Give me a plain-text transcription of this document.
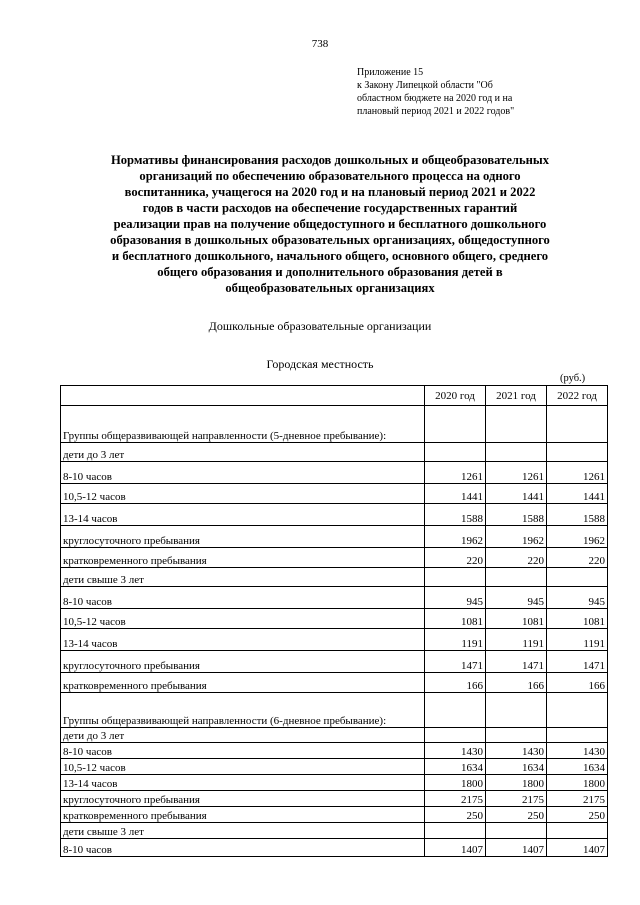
738
Приложение 15
к Закону Липецкой области "Об
областном бюджете на 2020 год и на
плановый период 2021 и 2022 годов"
Нормативы финансирования расходов дошкольных и общеобразовательных
организаций по обеспечению образовательного процесса на одного
воспитанника, учащегося на 2020 год и на плановый период 2021 и 2022
годов в части расходов на обеспечение государственных гарантий
реализации прав на получение общедоступного и бесплатного дошкольного
образования в дошкольных образовательных организациях, общедоступного
и бесплатного дошкольного, начального общего, основного общего, среднего
общего образования и дополнительного образования детей в
общеобразовательных организациях
Дошкольные образовательные организации
Городская местность
(руб.)
	2020 год	2021 год	2022 год
Группы общеразвивающей направленности (5-дневное пребывание):			
дети до 3 лет			
8-10 часов	1261	1261	1261
10,5-12 часов	1441	1441	1441
13-14 часов	1588	1588	1588
круглосуточного пребывания	1962	1962	1962
кратковременного пребывания	220	220	220
дети свыше 3 лет			
8-10 часов	945	945	945
10,5-12 часов	1081	1081	1081
13-14 часов	1191	1191	1191
круглосуточного пребывания	1471	1471	1471
кратковременного пребывания	166	166	166
Группы общеразвивающей направленности (6-дневное пребывание):			
дети до 3 лет			
8-10 часов	1430	1430	1430
10,5-12 часов	1634	1634	1634
13-14 часов	1800	1800	1800
круглосуточного пребывания	2175	2175	2175
кратковременного пребывания	250	250	250
дети свыше 3 лет			
8-10 часов	1407	1407	1407
